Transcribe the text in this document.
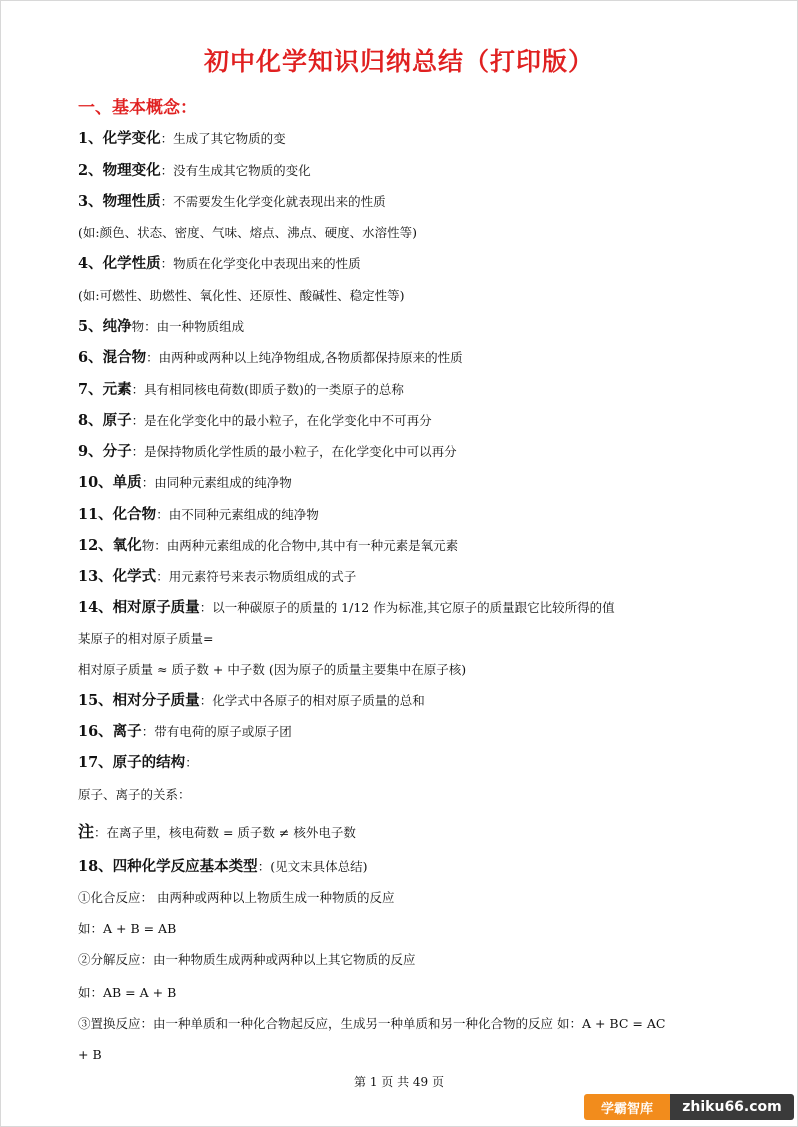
初中化学知识归纳总结（打印版）
一、基本概念：
1、化学变化：生成了其它物质的变
2、物理变化：没有生成其它物质的变化
3、物理性质：不需要发生化学变化就表现出来的性质
(如:颜色、状态、密度、气味、熔点、沸点、硬度、水溶性等)
4、化学性质：物质在化学变化中表现出来的性质
(如:可燃性、助燃性、氧化性、还原性、酸碱性、稳定性等)
5、纯净物：由一种物质组成
6、混合物：由两种或两种以上纯净物组成,各物质都保持原来的性质
7、元素：具有相同核电荷数(即质子数)的一类原子的总称
8、原子：是在化学变化中的最小粒子，在化学变化中不可再分
9、分子：是保持物质化学性质的最小粒子，在化学变化中可以再分
10、单质：由同种元素组成的纯净物
11、化合物：由不同种元素组成的纯净物
12、氧化物：由两种元素组成的化合物中,其中有一种元素是氧元素
13、化学式：用元素符号来表示物质组成的式子
14、相对原子质量：以一种碳原子的质量的 1/12 作为标准,其它原子的质量跟它比较所得的值
某原子的相对原子质量=
相对原子质量 ≈ 质子数 + 中子数 (因为原子的质量主要集中在原子核)
15、相对分子质量：化学式中各原子的相对原子质量的总和
16、离子：带有电荷的原子或原子团
17、原子的结构：
原子、离子的关系：
注：在离子里，核电荷数 = 质子数 ≠ 核外电子数
18、四种化学反应基本类型：(见文末具体总结)
①化合反应： 由两种或两种以上物质生成一种物质的反应
如：A + B = AB
②分解反应：由一种物质生成两种或两种以上其它物质的反应
如：AB = A + B
③置换反应：由一种单质和一种化合物起反应，生成另一种单质和另一种化合物的反应 如：A + BC = AC
+ B
第 1 页 共 49 页
学霸智库	zhiku66.com
